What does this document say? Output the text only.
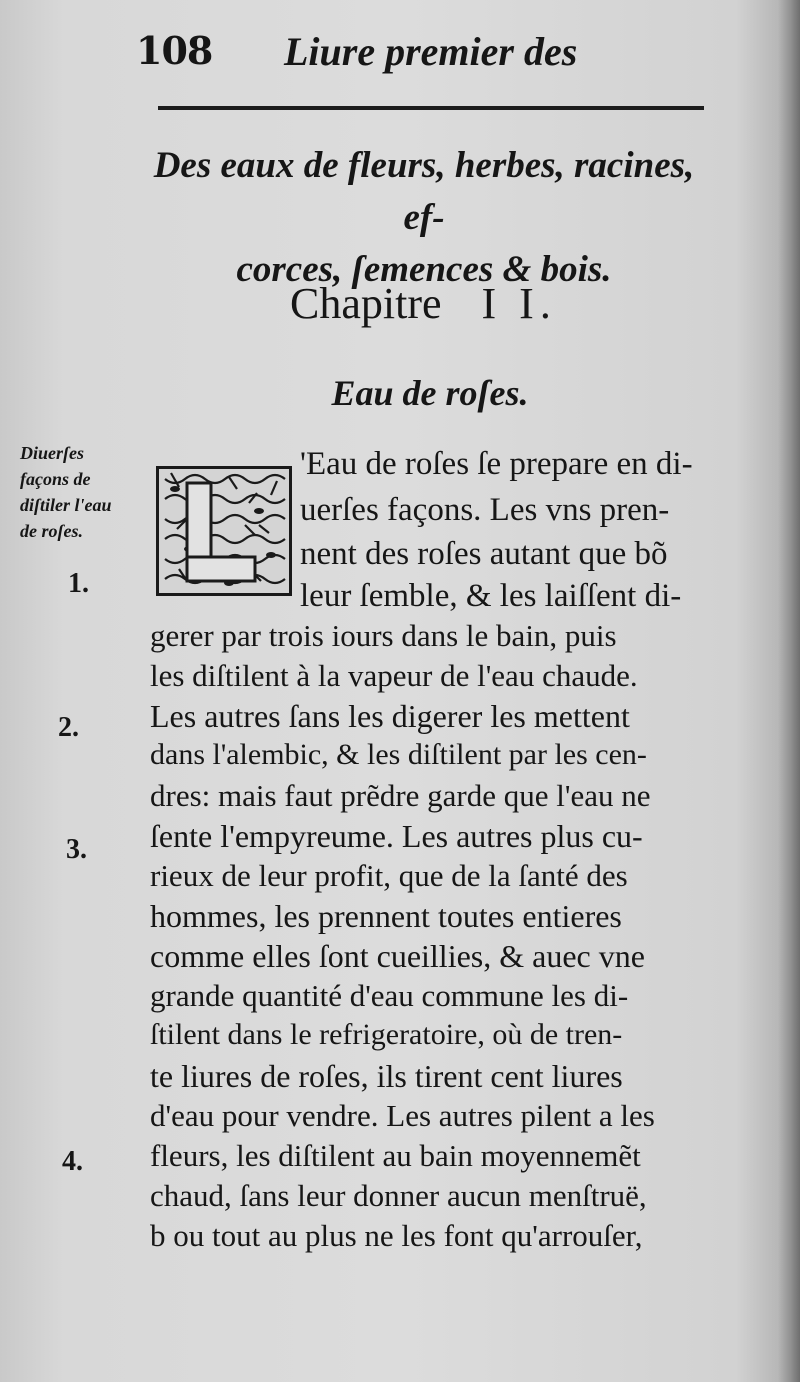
108 Liure premier des
Des eaux de fleurs, herbes, racines, ef-
corces, ſemences & bois.
Chapitre I I.
Eau de roſes.
Diuerſes
façons de
diſtiler l'eau
de roſes.
1.
2.
3.
4.
'Eau de roſes ſe prepare en di-
uerſes façons. Les vns pren-
nent des roſes autant que bõ
leur ſemble, & les laiſſent di-
gerer par trois iours dans le bain, puis
les diſtilent à la vapeur de l'eau chaude.
Les autres ſans les digerer les mettent
dans l'alembic, & les diſtilent par les cen-
dres: mais faut prẽdre garde que l'eau ne
ſente l'empyreume. Les autres plus cu-
rieux de leur profit, que de la ſanté des
hommes, les prennent toutes entieres
comme elles ſont cueillies, & auec vne
grande quantité d'eau commune les di-
ſtilent dans le refrigeratoire, où de tren-
te liures de roſes, ils tirent cent liures
d'eau pour vendre. Les autres pilent a les
fleurs, les diſtilent au bain moyennemẽt
chaud, ſans leur donner aucun menſtruë,
b ou tout au plus ne les font qu'arrouſer,
